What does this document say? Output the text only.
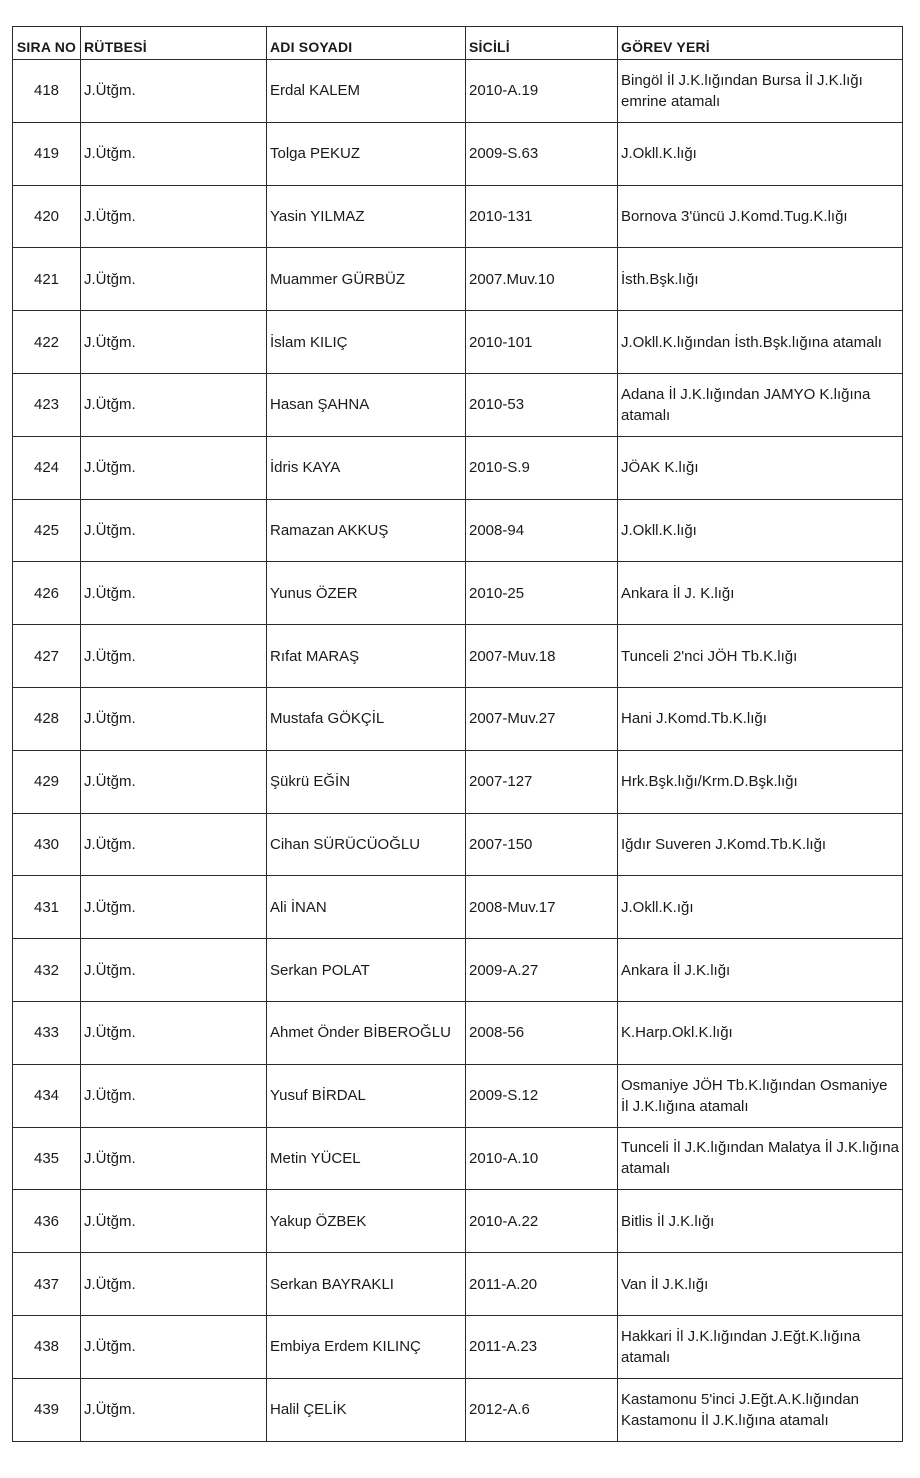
SIRA NO	RÜTBESİ	ADI SOYADI	SİCİLİ	GÖREV YERİ
418	J.Ütğm.	Erdal KALEM	2010-A.19	Bingöl İl J.K.lığından Bursa İl J.K.lığı emrine atamalı
419	J.Ütğm.	Tolga PEKUZ	2009-S.63	J.Okll.K.lığı
420	J.Ütğm.	Yasin YILMAZ	2010-131	Bornova 3'üncü J.Komd.Tug.K.lığı
421	J.Ütğm.	Muammer GÜRBÜZ	2007.Muv.10	İsth.Bşk.lığı
422	J.Ütğm.	İslam KILIÇ	2010-101	J.Okll.K.lığından İsth.Bşk.lığına atamalı
423	J.Ütğm.	Hasan ŞAHNA	2010-53	Adana İl J.K.lığından JAMYO K.lığına atamalı
424	J.Ütğm.	İdris KAYA	2010-S.9	JÖAK K.lığı
425	J.Ütğm.	Ramazan AKKUŞ	2008-94	J.Okll.K.lığı
426	J.Ütğm.	Yunus ÖZER	2010-25	Ankara İl J. K.lığı
427	J.Ütğm.	Rıfat MARAŞ	2007-Muv.18	Tunceli 2'nci JÖH Tb.K.lığı
428	J.Ütğm.	Mustafa GÖKÇİL	2007-Muv.27	Hani J.Komd.Tb.K.lığı
429	J.Ütğm.	Şükrü EĞİN	2007-127	Hrk.Bşk.lığı/Krm.D.Bşk.lığı
430	J.Ütğm.	Cihan SÜRÜCÜOĞLU	2007-150	Iğdır Suveren J.Komd.Tb.K.lığı
431	J.Ütğm.	Ali İNAN	2008-Muv.17	J.Okll.K.ığı
432	J.Ütğm.	Serkan POLAT	2009-A.27	Ankara İl J.K.lığı
433	J.Ütğm.	Ahmet Önder BİBEROĞLU	2008-56	K.Harp.Okl.K.lığı
434	J.Ütğm.	Yusuf BİRDAL	2009-S.12	Osmaniye JÖH Tb.K.lığından Osmaniye İl J.K.lığına atamalı
435	J.Ütğm.	Metin YÜCEL	2010-A.10	Tunceli İl J.K.lığından Malatya İl J.K.lığına atamalı
436	J.Ütğm.	Yakup ÖZBEK	2010-A.22	Bitlis İl J.K.lığı
437	J.Ütğm.	Serkan BAYRAKLI	2011-A.20	Van İl J.K.lığı
438	J.Ütğm.	Embiya Erdem KILINÇ	2011-A.23	Hakkari İl J.K.lığından J.Eğt.K.lığına atamalı
439	J.Ütğm.	Halil ÇELİK	2012-A.6	Kastamonu 5'inci J.Eğt.A.K.lığından Kastamonu İl J.K.lığına atamalı
